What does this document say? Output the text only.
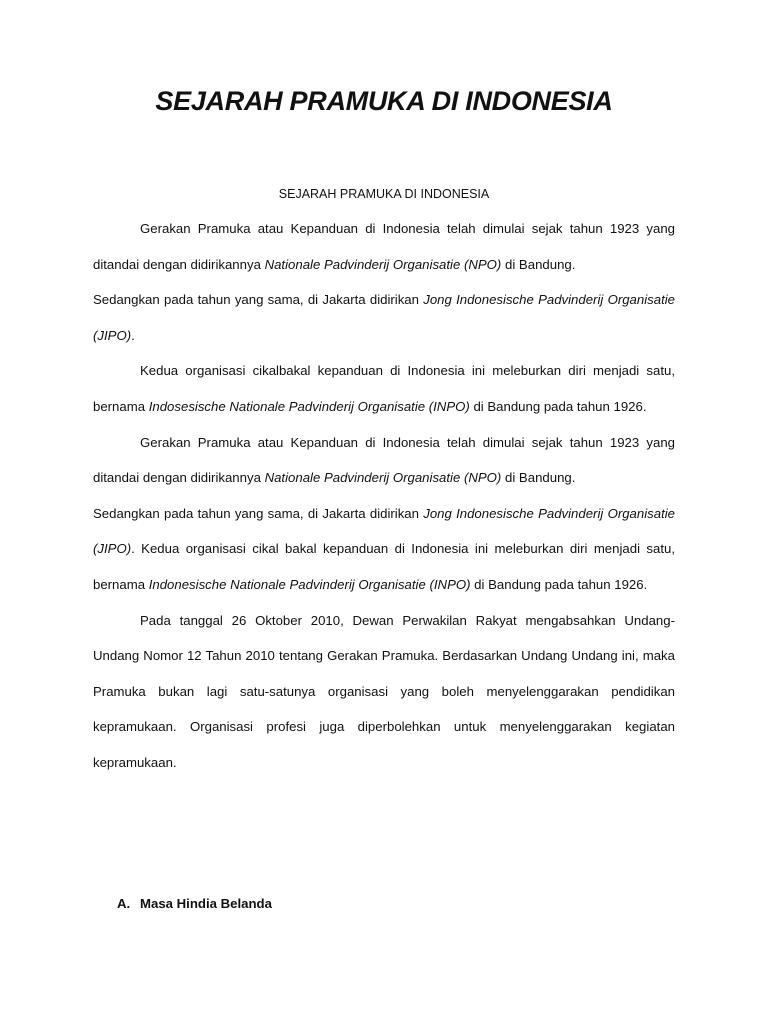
SEJARAH PRAMUKA DI INDONESIA

SEJARAH PRAMUKA DI INDONESIA

Gerakan Pramuka atau Kepanduan di Indonesia telah dimulai sejak tahun 1923 yang ditandai dengan didirikannya Nationale Padvinderij Organisatie (NPO) di Bandung.

Sedangkan pada tahun yang sama, di Jakarta didirikan Jong Indonesische Padvinderij Organisatie (JIPO).

Kedua organisasi cikalbakal kepanduan di Indonesia ini meleburkan diri menjadi satu, bernama Indosesische Nationale Padvinderij Organisatie (INPO) di Bandung pada tahun 1926.

Gerakan Pramuka atau Kepanduan di Indonesia telah dimulai sejak tahun 1923 yang ditandai dengan didirikannya Nationale Padvinderij Organisatie (NPO) di Bandung.

Sedangkan pada tahun yang sama, di Jakarta didirikan Jong Indonesische Padvinderij Organisatie (JIPO). Kedua organisasi cikal bakal kepanduan di Indonesia ini meleburkan diri menjadi satu, bernama Indonesische Nationale Padvinderij Organisatie (INPO) di Bandung pada tahun 1926.

Pada tanggal 26 Oktober 2010, Dewan Perwakilan Rakyat mengabsahkan Undang-Undang Nomor 12 Tahun 2010 tentang Gerakan Pramuka. Berdasarkan Undang Undang ini, maka Pramuka bukan lagi satu-satunya organisasi yang boleh menyelenggarakan pendidikan kepramukaan. Organisasi profesi juga diperbolehkan untuk menyelenggarakan kegiatan kepramukaan.

A. Masa Hindia Belanda
